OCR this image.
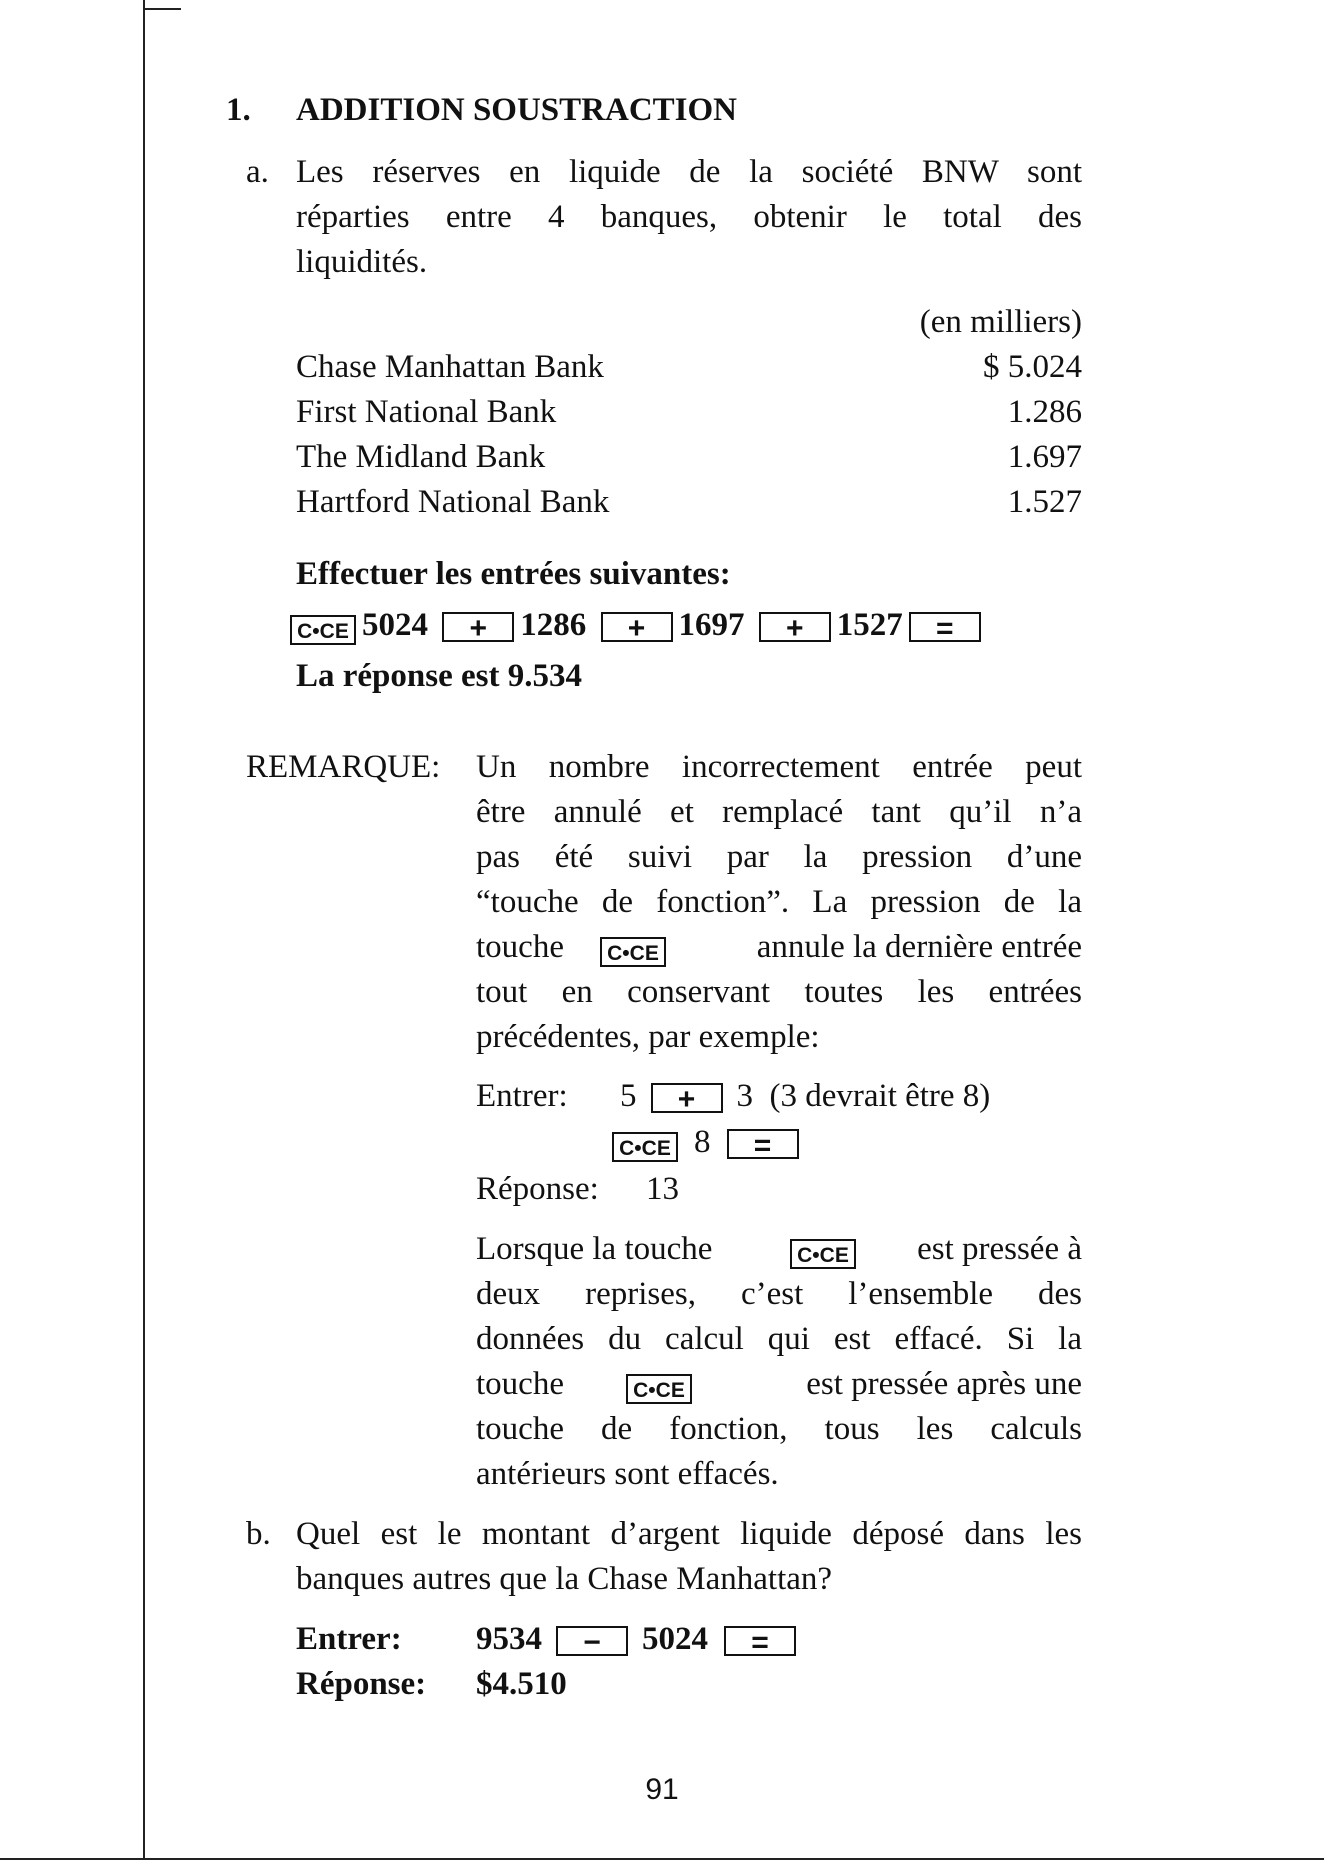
1. ADDITION SOUSTRACTION
a. Les réserves en liquide de la société BNW sont
réparties entre 4 banques, obtenir le total des
liquidités.
(en milliers)
Chase Manhattan Bank	$ 5.024
First National Bank	1.286
The Midland Bank	1.697
Hartford National Bank	1.527
Effectuer les entrées suivantes:
C•CE 5024 + 1286 + 1697 + 1527 =
La réponse est 9.534
REMARQUE: Un nombre incorrectement entrée peut
être annulé et remplacé tant qu’il n’a
pas été suivi par la pression d’une
“touche de fonction”. La pression de la
touche	C•CE	annule la dernière entrée
tout en conservant toutes les entrées
précédentes, par exemple:
Entrer: 5 + 3 (3 devrait être 8)
C•CE 8 =
Réponse: 13
Lorsque la touche	C•CE	est pressée à
deux reprises, c’est l’ensemble des
données du calcul qui est effacé. Si la
touche	C•CE	est pressée après une
touche de fonction, tous les calculs
antérieurs sont effacés.
b. Quel est le montant d’argent liquide déposé dans les
banques autres que la Chase Manhattan?
Entrer: 9534 − 5024 =
Réponse: $4.510
91
